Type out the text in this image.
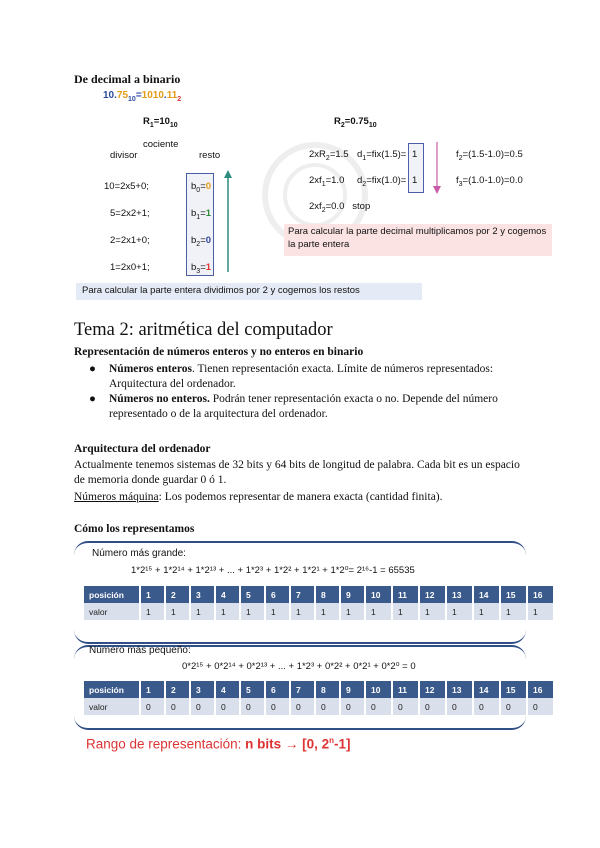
De decimal a binario
$10.75_{10}=1010.11_2$
$R_1=10_{10}$	$R_2=0.75_{10}$
cociente
divisor	resto
10=2x5+0;
5=2x2+1;
2=2x1+0;
1=2x0+1;
$b_0=0$
$b_1=1$
$b_2=0$
$b_3=1$
$2xR_2=1.5$ $d_1=fix(1.5)=$	$f_2=(1.5-1.0)=0.5$
$2xf_1=1.0$ $d_2=fix(1.0)=$	$f_3=(1.0-1.0)=0.0$
1
1
$2xf_2=0.0$ stop
Para calcular la parte decimal multiplicamos por 2 y cogemos la parte entera
Para calcular la parte entera dividimos por 2 y cogemos los restos
Tema 2: aritmética del computador
Representación de números enteros y no enteros en binario
● Números enteros. Tienen representación exacta. Límite de números representados: Arquitectura del ordenador.
● Números no enteros. Podrán tener representación exacta o no. Depende del número representado o de la arquitectura del ordenador.
Arquitectura del ordenador
Actualmente tenemos sistemas de 32 bits y 64 bits de longitud de palabra. Cada bit es un espacio de memoria donde guardar 0 ó 1.
Números máquina: Los podemos representar de manera exacta (cantidad finita).
Cómo los representamos
Número más grande:
1*2¹⁵ + 1*2¹⁴ + 1*2¹³ + ... + 1*2³ + 1*2² + 1*2¹ + 1*2⁰= 2¹⁶-1 = 65535
posición	1	2	3	4	5	6	7	8	9	10	11	12	13	14	15	16
valor	1	1	1	1	1	1	1	1	1	1	1	1	1	1	1	1
Número más pequeño:
0*2¹⁵ + 0*2¹⁴ + 0*2¹³ + ... + 1*2³ + 0*2² + 0*2¹ + 0*2⁰ = 0
posición	1	2	3	4	5	6	7	8	9	10	11	12	13	14	15	16
valor	0	0	0	0	0	0	0	0	0	0	0	0	0	0	0	0
Rango de representación: n bits → [0, 2$^n$-1]
